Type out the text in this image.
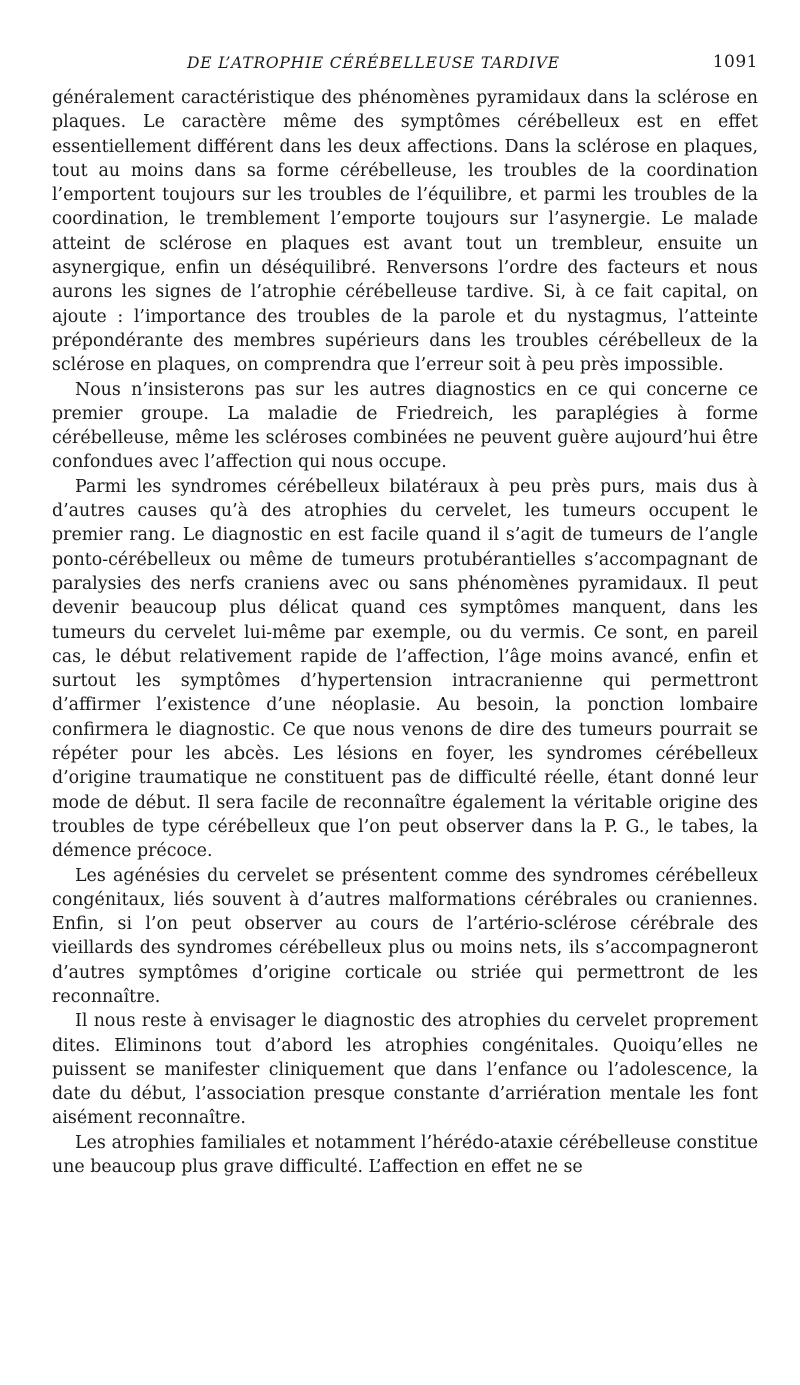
DE L’ATROPHIE CÉRÉBELLEUSE TARDIVE	1091

généralement caractéristique des phénomènes pyramidaux dans la sclérose en plaques. Le caractère même des symptômes cérébelleux est en effet essentiellement différent dans les deux affections. Dans la sclérose en plaques, tout au moins dans sa forme cérébelleuse, les troubles de la coordination l’emportent toujours sur les troubles de l’équilibre, et parmi les troubles de la coordination, le tremblement l’emporte toujours sur l’asynergie. Le malade atteint de sclérose en plaques est avant tout un trembleur, ensuite un asynergique, enfin un déséquilibré. Renversons l’ordre des facteurs et nous aurons les signes de l’atrophie cérébelleuse tardive. Si, à ce fait capital, on ajoute : l’importance des troubles de la parole et du nystagmus, l’atteinte prépondérante des membres supérieurs dans les troubles cérébelleux de la sclérose en plaques, on comprendra que l’erreur soit à peu près impossible.

Nous n’insisterons pas sur les autres diagnostics en ce qui concerne ce premier groupe. La maladie de Friedreich, les paraplégies à forme cérébelleuse, même les scléroses combinées ne peuvent guère aujourd’hui être confondues avec l’affection qui nous occupe.

Parmi les syndromes cérébelleux bilatéraux à peu près purs, mais dus à d’autres causes qu’à des atrophies du cervelet, les tumeurs occupent le premier rang. Le diagnostic en est facile quand il s’agit de tumeurs de l’angle ponto-cérébelleux ou même de tumeurs protubérantielles s’accompagnant de paralysies des nerfs craniens avec ou sans phénomènes pyramidaux. Il peut devenir beaucoup plus délicat quand ces symptômes manquent, dans les tumeurs du cervelet lui-même par exemple, ou du vermis. Ce sont, en pareil cas, le début relativement rapide de l’affection, l’âge moins avancé, enfin et surtout les symptômes d’hypertension intracranienne qui permettront d’affirmer l’existence d’une néoplasie. Au besoin, la ponction lombaire confirmera le diagnostic. Ce que nous venons de dire des tumeurs pourrait se répéter pour les abcès. Les lésions en foyer, les syndromes cérébelleux d’origine traumatique ne constituent pas de difficulté réelle, étant donné leur mode de début. Il sera facile de reconnaître également la véritable origine des troubles de type cérébelleux que l’on peut observer dans la P. G., le tabes, la démence précoce.

Les agénésies du cervelet se présentent comme des syndromes cérébelleux congénitaux, liés souvent à d’autres malformations cérébrales ou craniennes. Enfin, si l’on peut observer au cours de l’artério-sclérose cérébrale des vieillards des syndromes cérébelleux plus ou moins nets, ils s’accompagneront d’autres symptômes d’origine corticale ou striée qui permettront de les reconnaître.

Il nous reste à envisager le diagnostic des atrophies du cervelet proprement dites. Eliminons tout d’abord les atrophies congénitales. Quoiqu’elles ne puissent se manifester cliniquement que dans l’enfance ou l’adolescence, la date du début, l’association presque constante d’arriération mentale les font aisément reconnaître.

Les atrophies familiales et notamment l’hérédo-ataxie cérébelleuse constitue une beaucoup plus grave difficulté. L’affection en effet ne se
